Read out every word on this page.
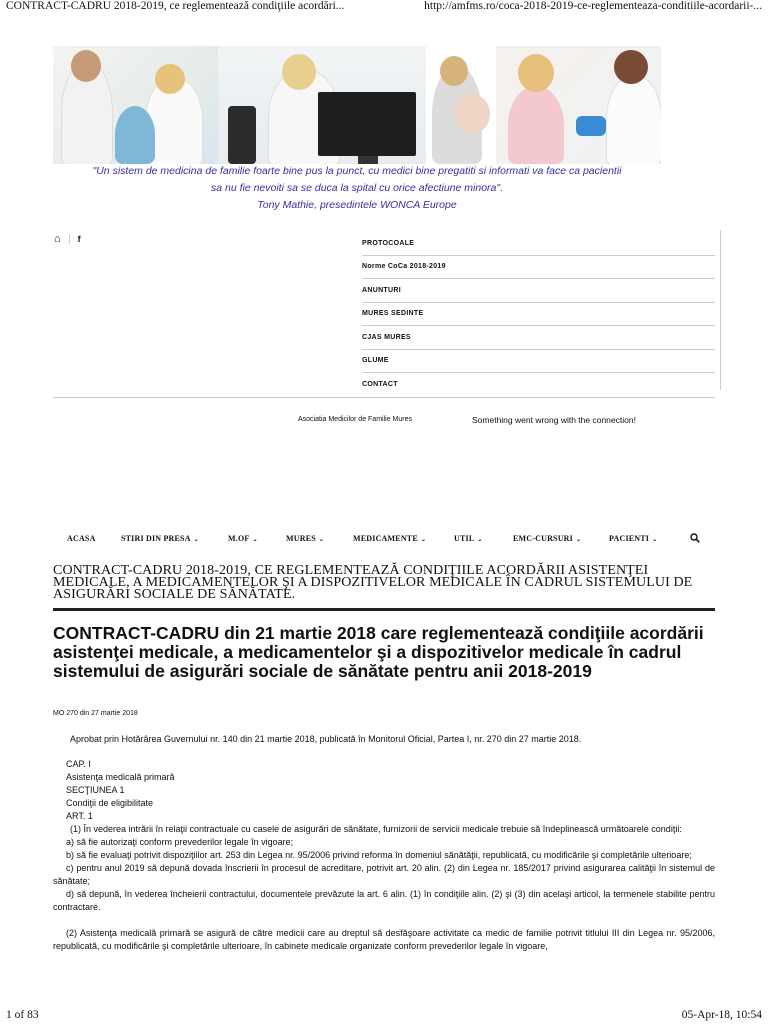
CONTRACT-CADRU 2018-2019, ce reglementează condiţiile acordări...	http://amfms.ro/coca-2018-2019-ce-reglementeaza-conditiile-acordarii-...
"Un sistem de medicina de familie foarte bine pus la punct, cu medici bine pregatiti si informati va face ca pacientii
sa nu fie nevoiti sa se duca la spital cu orice afectiune minora".
Tony Mathie, presedintele WONCA Europe
⌂ f	PROTOCOALE
Norme CoCa 2018-2019
ANUNTURI
MURES SEDINTE
CJAS MURES
GLUME
CONTACT
Asociatia Medicilor de Familie Mures	Something went wrong with the connection!
ACASA	STIRI DIN PRESA ⌄	M.OF ⌄	MURES ⌄	MEDICAMENTE ⌄	UTIL ⌄	EMC-CURSURI ⌄	PACIENTI ⌄
CONTRACT-CADRU 2018-2019, CE REGLEMENTEAZĂ CONDIŢIILE ACORDĂRII ASISTENŢEI MEDICALE, A MEDICAMENTELOR ŞI A DISPOZITIVELOR MEDICALE ÎN CADRUL SISTEMULUI DE ASIGURĂRI SOCIALE DE SĂNĂTATE.
CONTRACT-CADRU din 21 martie 2018 care reglementează condiţiile acordării asistenţei medicale, a medicamentelor şi a dispozitivelor medicale în cadrul sistemului de asigurări sociale de sănătate pentru anii 2018-2019
MO 270 din 27 martie 2018

Aprobat prin Hotărârea Guvernului nr. 140 din 21 martie 2018, publicată în Monitorul Oficial, Partea I, nr. 270 din 27 martie 2018.

CAP. I

Asistenţa medicală primară

SECŢIUNEA 1

Condiţii de eligibilitate

ART. 1

(1) În vederea intrării în relaţii contractuale cu casele de asigurări de sănătate, furnizorii de servicii medicale trebuie să îndeplinească următoarele condiţii:

a) să fie autorizaţi conform prevederilor legale în vigoare;

b) să fie evaluaţi potrivit dispoziţiilor art. 253 din Legea nr. 95/2006 privind reforma în domeniul sănătăţii, republicată, cu modificările şi completările ulterioare;

c) pentru anul 2019 să depună dovada înscrierii în procesul de acreditare, potrivit art. 20 alin. (2) din Legea nr. 185/2017 privind asigurarea calităţii în sistemul de sănătate;

d) să depună, în vederea încheierii contractului, documentele prevăzute la art. 6 alin. (1) în condiţiile alin. (2) şi (3) din acelaşi articol, la termenele stabilite pentru contractare.

(2) Asistenţa medicală primară se asigură de către medicii care au dreptul să desfăşoare activitate ca medic de familie potrivit titlului III din Legea nr. 95/2006, republicată, cu modificările şi completările ulterioare, în cabinete medicale organizate conform prevederilor legale în vigoare,

1 of 83	05-Apr-18, 10:54
